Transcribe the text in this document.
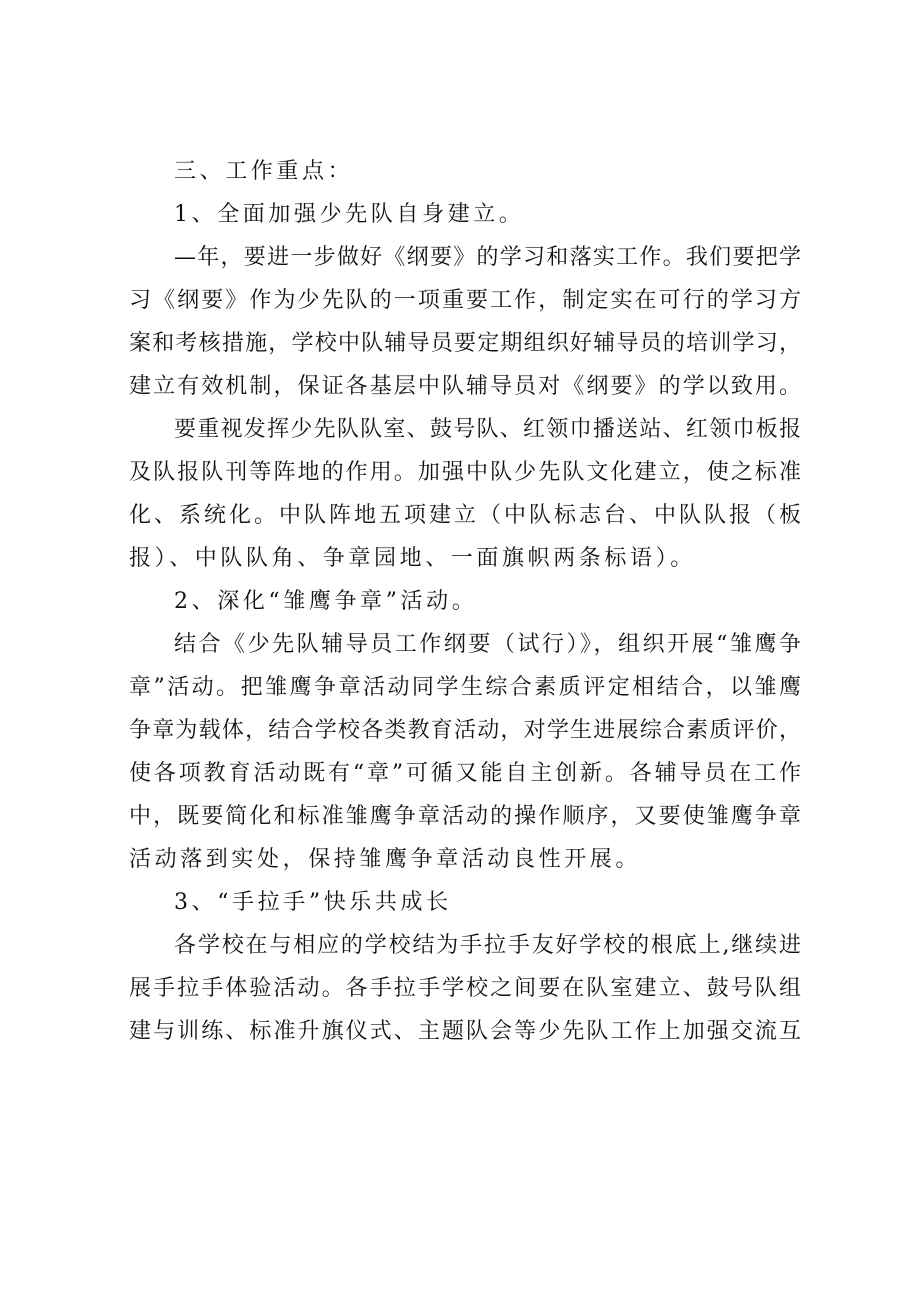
三、工作重点：

1、全面加强少先队自身建立。

—年，要进一步做好《纲要》的学习和落实工作。我们要把学

习《纲要》作为少先队的一项重要工作，制定实在可行的学习方

案和考核措施，学校中队辅导员要定期组织好辅导员的培训学习，

建立有效机制，保证各基层中队辅导员对《纲要》的学以致用。

要重视发挥少先队队室、鼓号队、红领巾播送站、红领巾板报

及队报队刊等阵地的作用。加强中队少先队文化建立，使之标准

化、系统化。中队阵地五项建立（中队标志台、中队队报（板

报）、中队队角、争章园地、一面旗帜两条标语）。

2、深化“雏鹰争章”活动。

结合《少先队辅导员工作纲要（试行）》，组织开展“雏鹰争

章”活动。把雏鹰争章活动同学生综合素质评定相结合，以雏鹰

争章为载体，结合学校各类教育活动，对学生进展综合素质评价，

使各项教育活动既有“章”可循又能自主创新。各辅导员在工作

中，既要简化和标准雏鹰争章活动的操作顺序，又要使雏鹰争章

活动落到实处，保持雏鹰争章活动良性开展。

3、“手拉手”快乐共成长

各学校在与相应的学校结为手拉手友好学校的根底上,继续进

展手拉手体验活动。各手拉手学校之间要在队室建立、鼓号队组

建与训练、标准升旗仪式、主题队会等少先队工作上加强交流互
